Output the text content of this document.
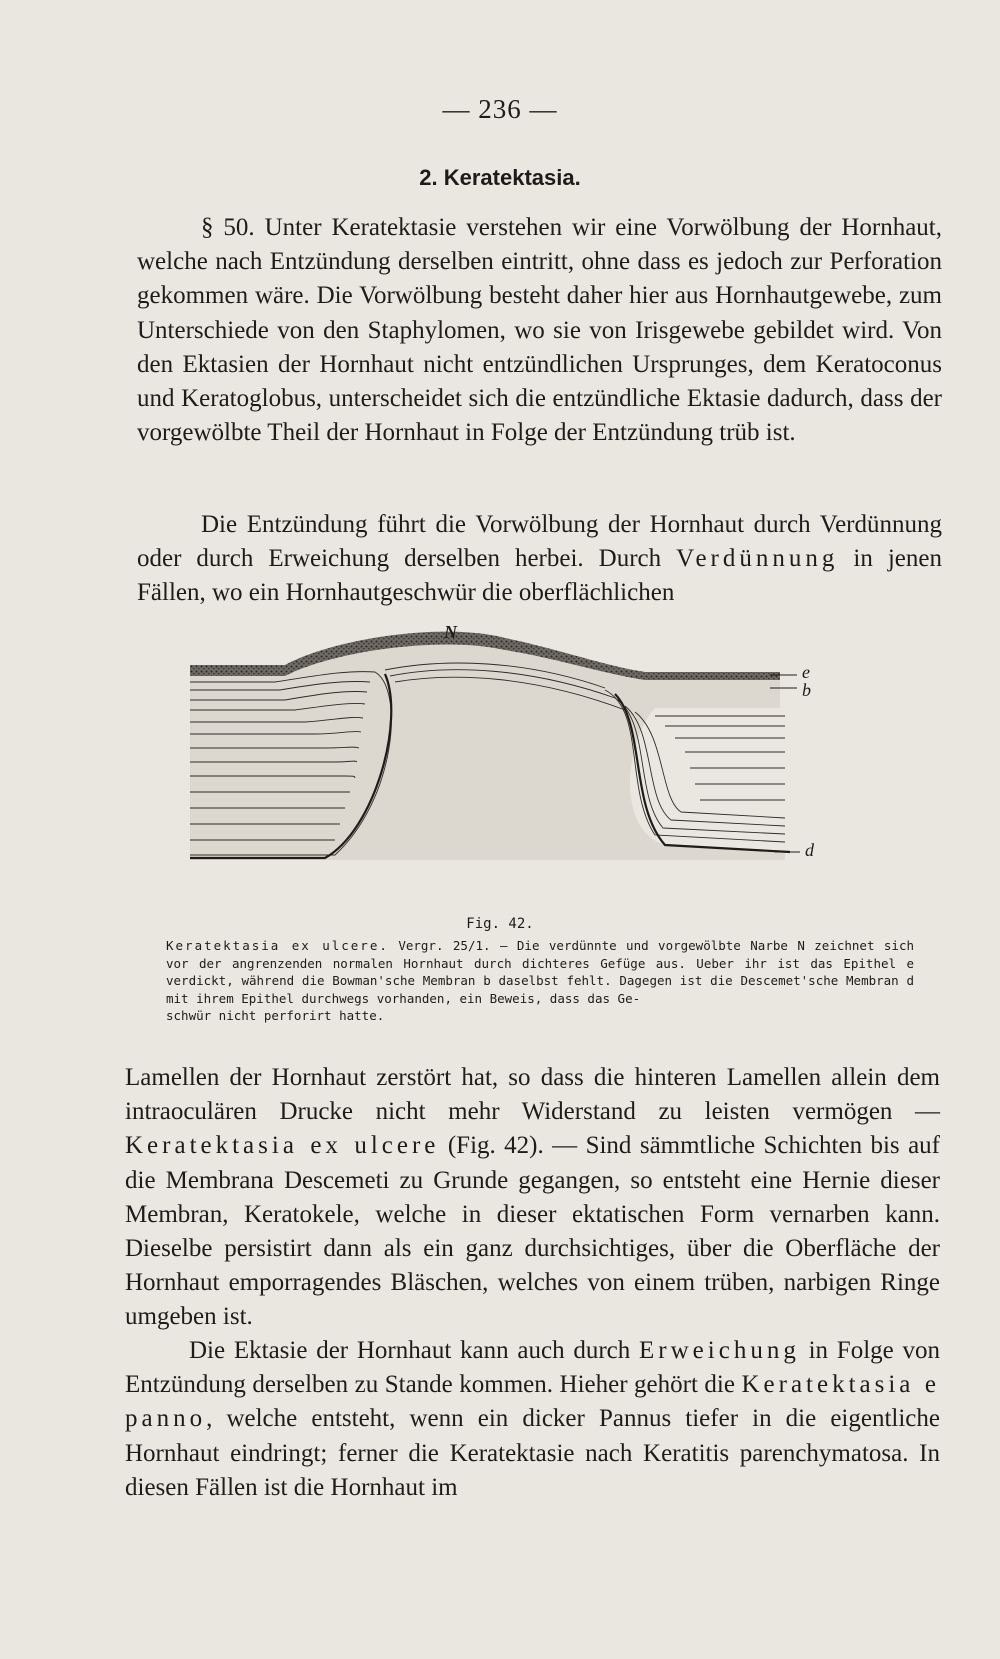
— 236 —
2. Keratektasia.

§ 50. Unter Keratektasie verstehen wir eine Vorwölbung der Hornhaut, welche nach Entzündung derselben eintritt, ohne dass es jedoch zur Perforation gekommen wäre. Die Vorwölbung besteht daher hier aus Hornhautgewebe, zum Unterschiede von den Staphylomen, wo sie von Irisgewebe gebildet wird. Von den Ektasien der Hornhaut nicht entzündlichen Ursprunges, dem Keratoconus und Keratoglobus, unterscheidet sich die entzündliche Ektasie dadurch, dass der vorgewölbte Theil der Hornhaut in Folge der Entzündung trüb ist.

Die Entzündung führt die Vorwölbung der Hornhaut durch Verdünnung oder durch Erweichung derselben herbei. Durch Verdünnung in jenen Fällen, wo ein Hornhautgeschwür die oberflächlichen

N
e
b
d
Fig. 42.
Keratektasia ex ulcere. Vergr. 25/1. — Die verdünnte und vorgewölbte Narbe N zeichnet sich vor der angrenzenden normalen Hornhaut durch dichteres Gefüge aus. Ueber ihr ist das Epithel e verdickt, während die Bowman'sche Membran b daselbst fehlt. Dagegen ist die Descemet'sche Membran d mit ihrem Epithel durchwegs vorhanden, ein Beweis, dass das Ge-
schwür nicht perforirt hatte.

Lamellen der Hornhaut zerstört hat, so dass die hinteren Lamellen allein dem intraoculären Drucke nicht mehr Widerstand zu leisten vermögen — Keratektasia ex ulcere (Fig. 42). — Sind sämmtliche Schichten bis auf die Membrana Descemeti zu Grunde gegangen, so entsteht eine Hernie dieser Membran, Keratokele, welche in dieser ektatischen Form vernarben kann. Dieselbe persistirt dann als ein ganz durchsichtiges, über die Oberfläche der Hornhaut emporragendes Bläschen, welches von einem trüben, narbigen Ringe umgeben ist.

Die Ektasie der Hornhaut kann auch durch Erweichung in Folge von Entzündung derselben zu Stande kommen. Hieher gehört die Keratektasia e panno, welche entsteht, wenn ein dicker Pannus tiefer in die eigentliche Hornhaut eindringt; ferner die Keratektasie nach Keratitis parenchymatosa. In diesen Fällen ist die Hornhaut im
